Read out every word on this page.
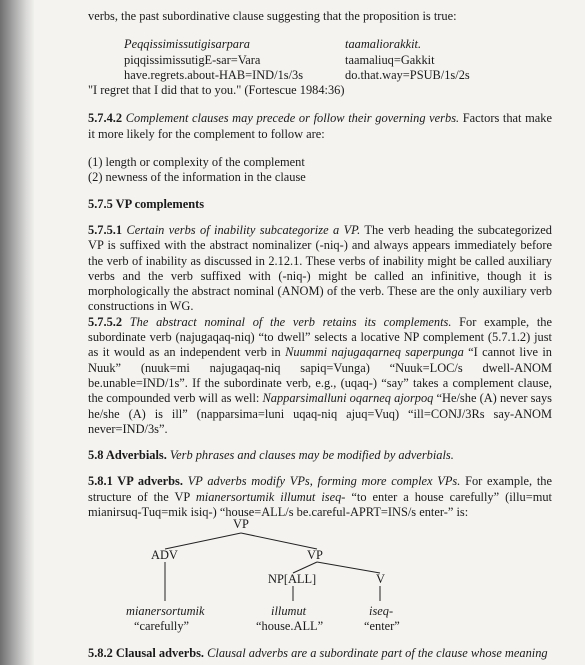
verbs, the past subordinative clause suggesting that the proposition is true:

Peqqissimissutigisarpara	taamaliorakkit.
piqqissimissutigE-sar=Vara	taamaliuq=Gakkit
have.regrets.about-HAB=IND/1s/3s	do.that.way=PSUB/1s/2s
"I regret that I did that to you." (Fortescue 1984:36)

5.7.4.2 Complement clauses may precede or follow their governing verbs. Factors that make it more likely for the complement to follow are:

(1) length or complexity of the complement

(2) newness of the information in the clause

5.7.5 VP complements

5.7.5.1 Certain verbs of inability subcategorize a VP. The verb heading the subcategorized VP is suffixed with the abstract nominalizer (-niq-) and always appears immediately before the verb of inability as discussed in 2.12.1. These verbs of inability might be called auxiliary verbs and the verb suffixed with (-niq-) might be called an infinitive, though it is morphologically the abstract nominal (ANOM) of the verb. These are the only auxiliary verb constructions in WG.

5.7.5.2 The abstract nominal of the verb retains its complements. For example, the subordinate verb (najugaqaq-niq) “to dwell” selects a locative NP complement (5.7.1.2) just as it would as an independent verb in Nuummi najugaqarneq saperpunga “I cannot live in Nuuk” (nuuk=mi najugaqaq-niq sapiq=Vunga) “Nuuk=LOC/s dwell-ANOM be.unable=IND/1s”. If the subordinate verb, e.g., (uqaq-) “say” takes a complement clause, the compounded verb will as well: Napparsimalluni oqarneq ajorpoq “He/she (A) never says he/she (A) is ill” (napparsima=luni uqaq-niq ajuq=Vuq) “ill=CONJ/3Rs say-ANOM never=IND/3s”.

5.8 Adverbials. Verb phrases and clauses may be modified by adverbials.

5.8.1 VP adverbs. VP adverbs modify VPs, forming more complex VPs. For example, the structure of the VP mianersortumik illumut iseq- “to enter a house carefully” (illu=mut mianirsuq-Tuq=mik isiq-) “house=ALL/s be.careful-APRT=INS/s enter-” is:

VP
ADV	VP
NP[ALL]	V
mianersortumik	illumut	iseq-
“carefully”	“house.ALL”	“enter”
5.8.2 Clausal adverbs. Clausal adverbs are a subordinate part of the clause whose meaning
